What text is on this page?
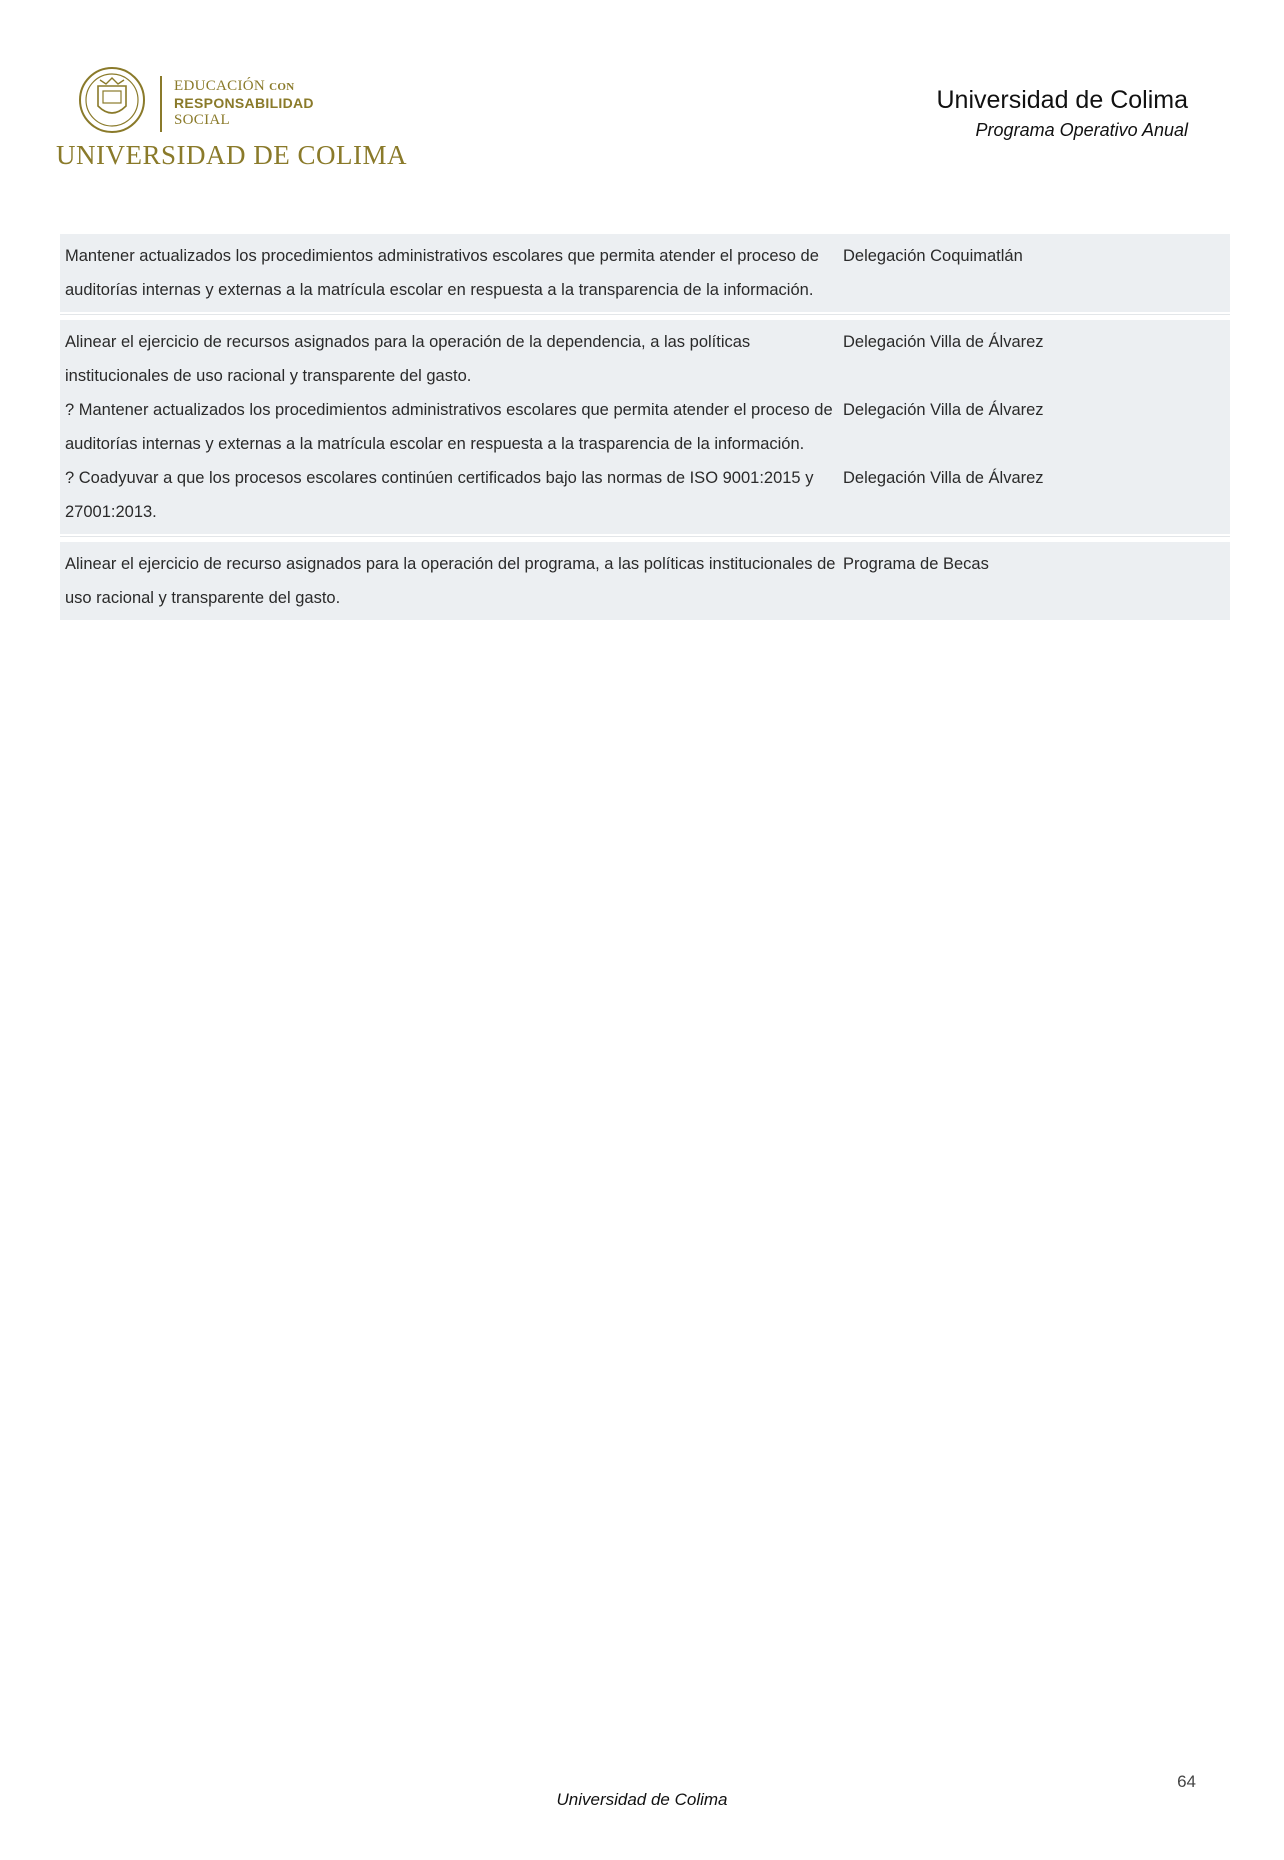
EDUCACIÓN CON
RESPONSABILIDAD
SOCIAL
UNIVERSIDAD DE COLIMA
Universidad de Colima
Programa Operativo Anual
Mantener actualizados los procedimientos administrativos escolares que permita atender el proceso de auditorías internas y externas a la matrícula escolar en respuesta a la transparencia de la información.
Delegación Coquimatlán
Alinear el ejercicio de recursos asignados para la operación de la dependencia, a las políticas institucionales de uso racional y transparente del gasto.
Delegación Villa de Álvarez
? Mantener actualizados los procedimientos administrativos escolares que permita atender el proceso de auditorías internas y externas a la matrícula escolar en respuesta a la trasparencia de la información.
Delegación Villa de Álvarez
? Coadyuvar a que los procesos escolares continúen certificados bajo las normas de ISO 9001:2015 y 27001:2013.
Delegación Villa de Álvarez
Alinear el ejercicio de recurso asignados para la operación del programa, a las políticas institucionales de uso racional y transparente del gasto.
Programa de Becas
64
Universidad de Colima
